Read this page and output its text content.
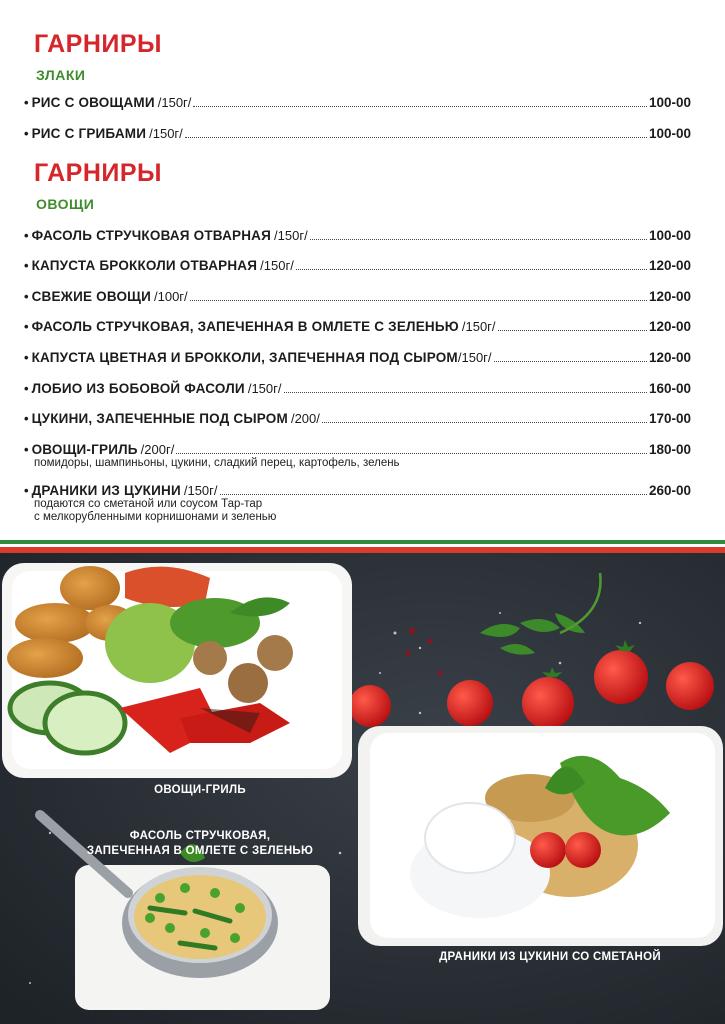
ГАРНИРЫ
ЗЛАКИ
• РИС С ОВОЩАМИ /150г/	100-00
• РИС С ГРИБАМИ /150г/	100-00
ГАРНИРЫ
ОВОЩИ
• ФАСОЛЬ СТРУЧКОВАЯ ОТВАРНАЯ /150г/	100-00
• КАПУСТА БРОККОЛИ ОТВАРНАЯ /150г/	120-00
• СВЕЖИЕ ОВОЩИ /100г/	120-00
• ФАСОЛЬ СТРУЧКОВАЯ, ЗАПЕЧЕННАЯ В ОМЛЕТЕ С ЗЕЛЕНЬЮ /150г/	120-00
• КАПУСТА ЦВЕТНАЯ И БРОККОЛИ, ЗАПЕЧЕННАЯ ПОД СЫРОМ /150г/	120-00
• ЛОБИО ИЗ БОБОВОЙ ФАСОЛИ /150г/	160-00
• ЦУКИНИ, ЗАПЕЧЕННЫЕ ПОД СЫРОМ /200/	170-00
• ОВОЩИ-ГРИЛЬ /200г/	180-00
помидоры, шампиньоны, цукини, сладкий перец, картофель, зелень
• ДРАНИКИ ИЗ ЦУКИНИ /150г/	260-00
подаются со сметаной или соусом Тар-тар
с мелкорубленными корнишонами и зеленью
ОВОЩИ-ГРИЛЬ
ФАСОЛЬ СТРУЧКОВАЯ,
ЗАПЕЧЕННАЯ В ОМЛЕТЕ С ЗЕЛЕНЬЮ
ДРАНИКИ ИЗ ЦУКИНИ СО СМЕТАНОЙ
